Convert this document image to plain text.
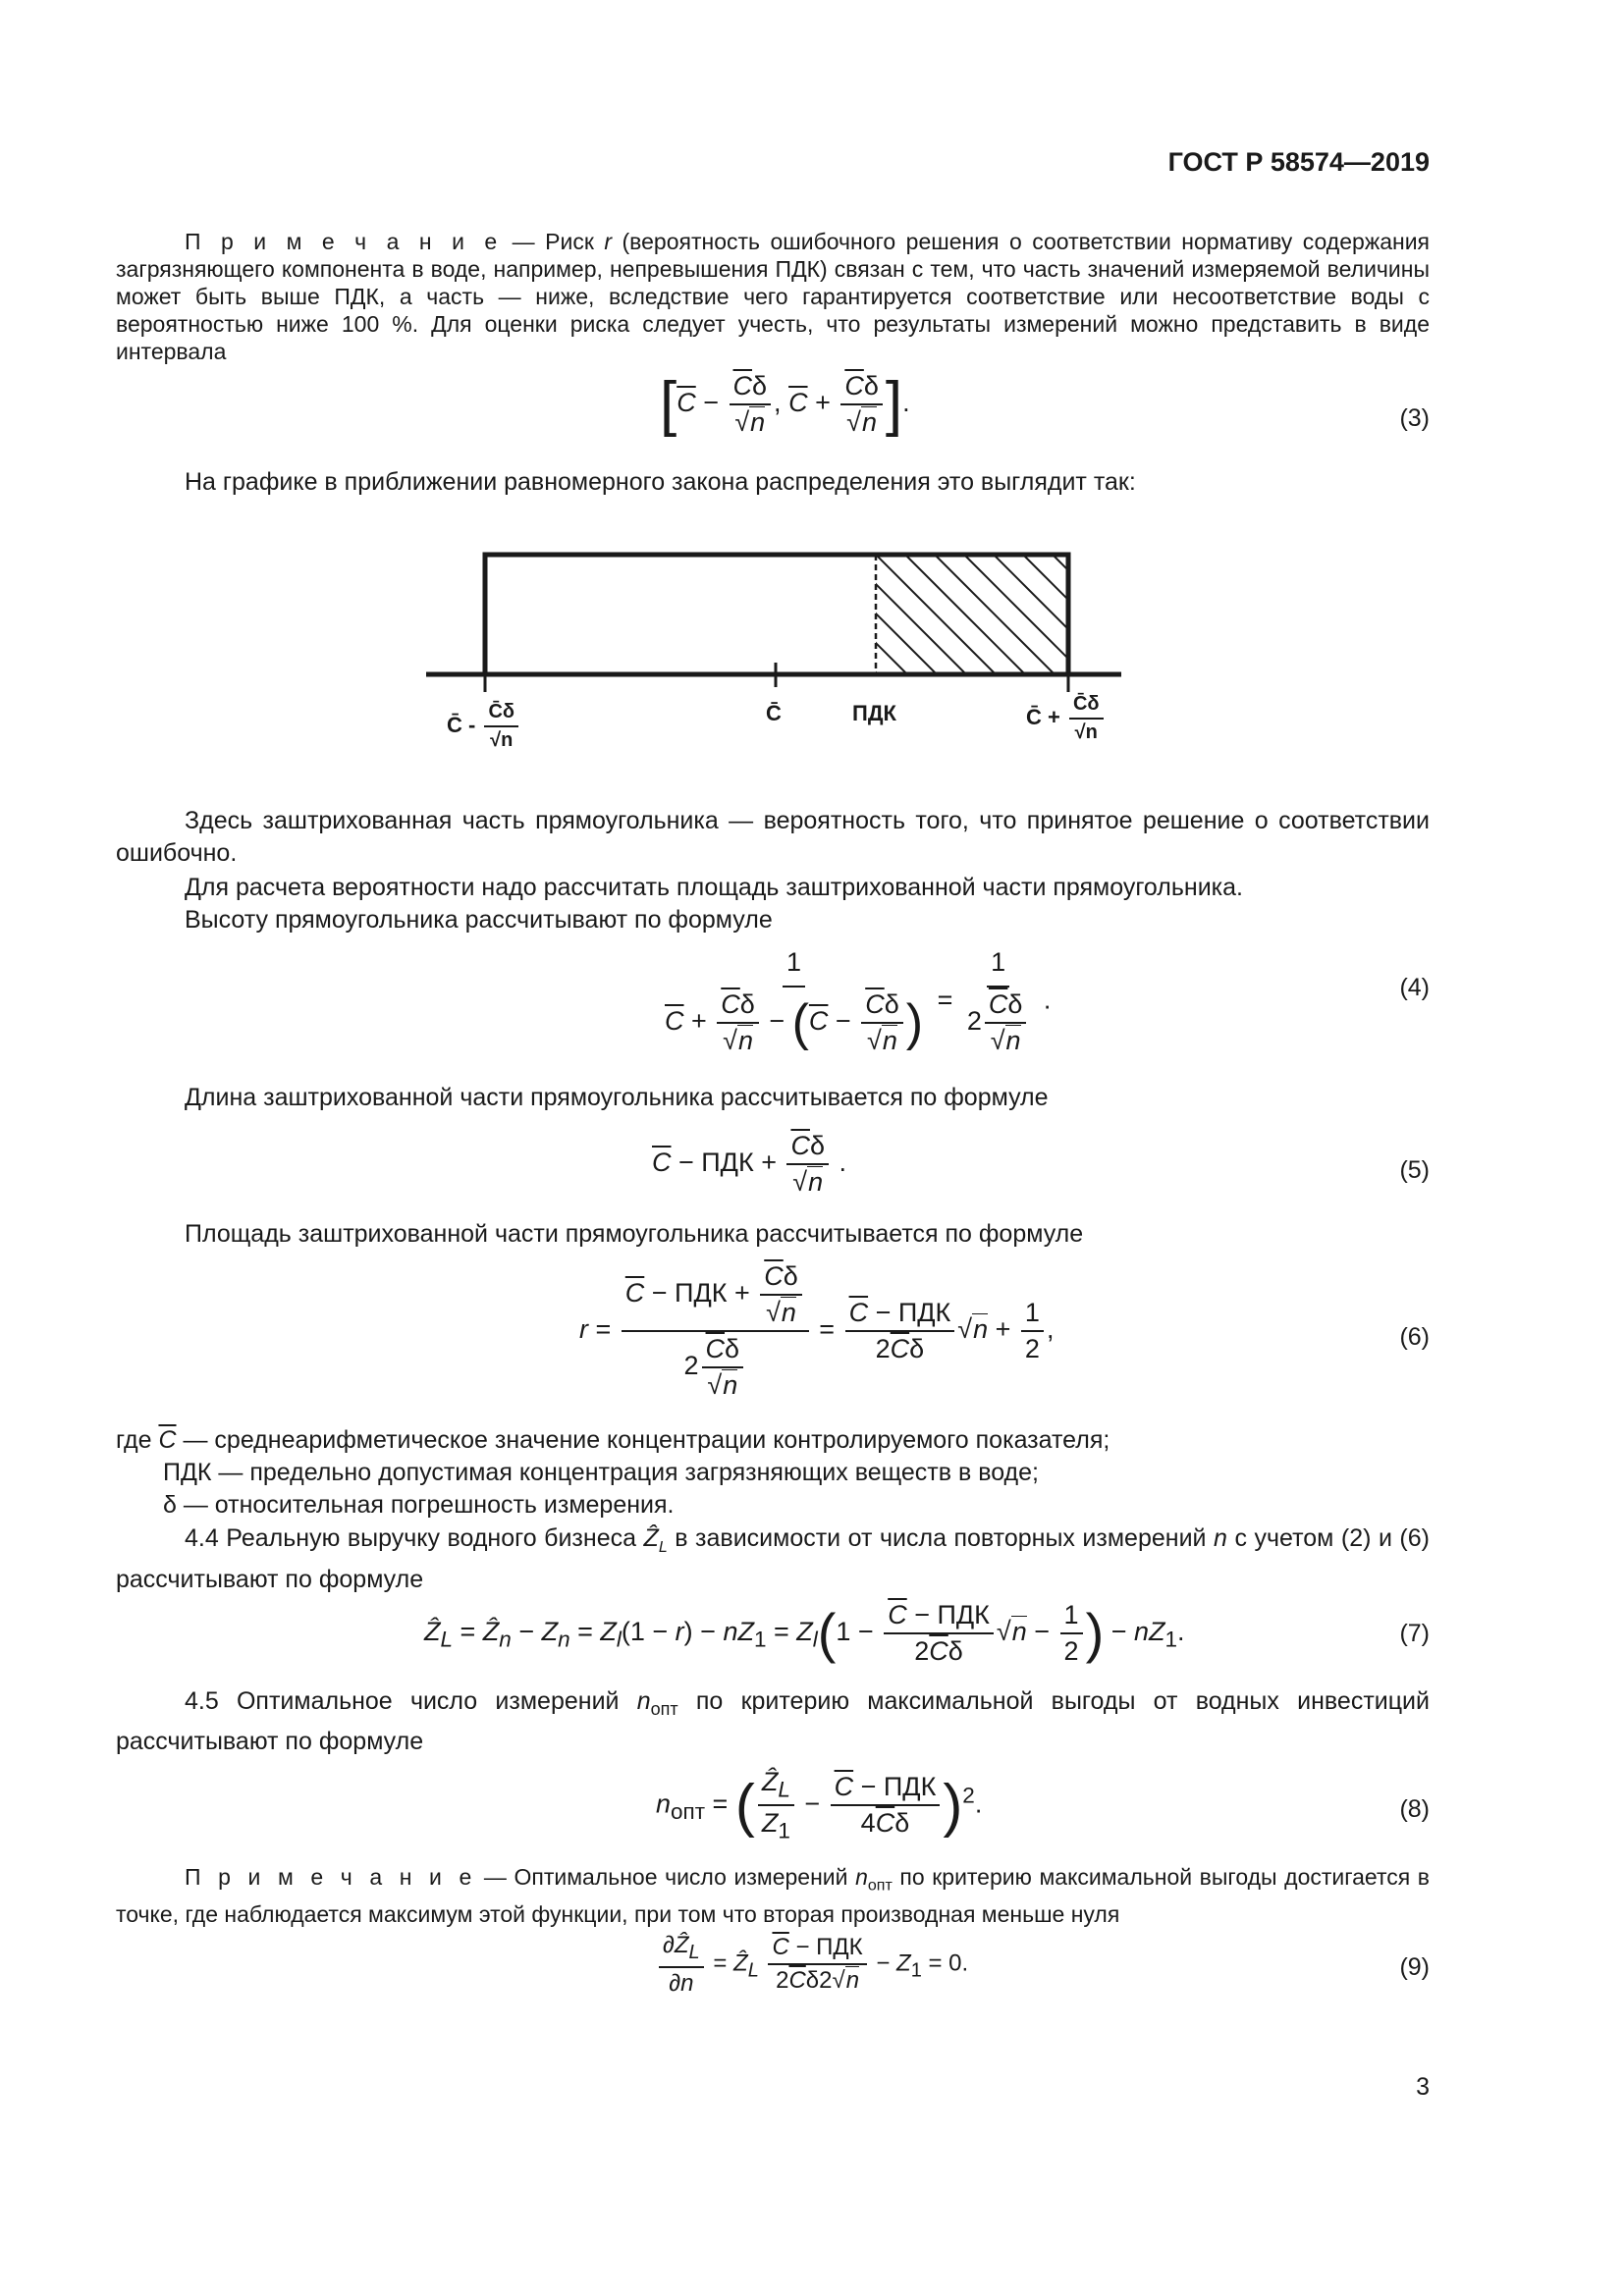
ГОСТ Р 58574—2019
П р и м е ч а н и е — Риск r (вероятность ошибочного решения о соответствии нормативу содержания загрязняющего компонента в воде, например, непревышения ПДК) связан с тем, что часть значений измеряемой величины может быть выше ПДК, а часть — ниже, вследствие чего гарантируется соответствие или несоответствие воды с вероятностью ниже 100 %. Для оценки риска следует учесть, что результаты измерений можно представить в виде интервала
[$\overline{C} - \frac{\overline{C}\delta}{√n}$ , $\overline{C} + \frac{\overline{C}\delta}{√n}$ ].
(3)
На графике в приближении равномерного закона распределения это выглядит так:
C̄ - $\frac{C̄\delta}{√n}$	C̄	ПДК	C̄ + $\frac{C̄\delta}{√n}$
Здесь заштрихованная часть прямоугольника — вероятность того, что принятое решение о соответствии ошибочно.
Для расчета вероятности надо рассчитать площадь заштрихованной части прямоугольника.
Высоту прямоугольника рассчитывают по формуле
$\frac{1}{\overline{C} + \frac{\overline{C}\delta}{√n} - (\overline{C} - \frac{\overline{C}\delta}{√n} )} = \frac{1}{2 \frac{\overline{C}\delta}{√n}}$ .	(4)
Длина заштрихованной части прямоугольника рассчитывается по формуле
$\overline{C}$ − ПДК + $\frac{\overline{C}\delta}{√n}$ .	(5)
Площадь заштрихованной части прямоугольника рассчитывается по формуле
$r = \frac{\overline{C} - ПДК + \frac{\overline{C}\delta}{√n}}{2 \frac{\overline{C}\delta}{√n}} = \frac{\overline{C} - ПДК}{2\overline{C}\delta} √n + \frac{1}{2}$ ,	(6)
где $\overline{C}$ — среднеарифметическое значение концентрации контролируемого показателя;
ПДК — предельно допустимая концентрация загрязняющих веществ в воде;
δ — относительная погрешность измерения.
4.4 Реальную выручку водного бизнеса Ẑ$_L$ в зависимости от числа повторных измерений n с учетом (2) и (6) рассчитывают по формуле
Ẑ$_L$ = Ẑ$_n$ − $Z_n = Z_l(1 - r) - nZ_1 = Z_l(1 - \frac{\overline{C} - ПДК}{2\overline{C}\delta} √n - \frac{1}{2}$ ) − $nZ_1$.	(7)
4.5 Оптимальное число измерений $n_{опт}$ по критерию максимальной выгоды от водных инвестиций рассчитывают по формуле
$n_{опт}$ = ( $\frac{Ẑ_L}{Z_1} - \frac{\overline{C} - ПДК}{4\overline{C}\delta} )^2$.	(8)
П р и м е ч а н и е — Оптимальное число измерений $n_{опт}$ по критерию максимальной выгоды достигается в точке, где наблюдается максимум этой функции, при том что вторая производная меньше нуля
$\frac{\partial Ẑ_L}{\partial n}$ = Ẑ$_L$ $\frac{\overline{C} - ПДК}{2\overline{C}\delta 2√n} - Z_1 = 0$.	(9)
3
